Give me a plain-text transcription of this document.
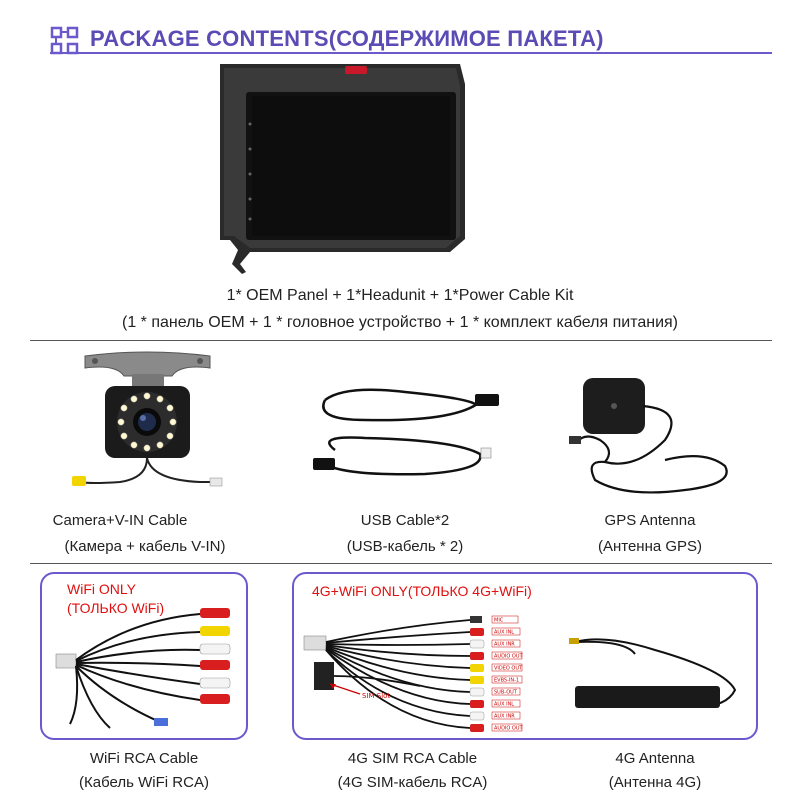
PACKAGE CONTENTS(СОДЕРЖИМОЕ ПАКЕТА)
1* OEM Panel + 1*Headunit + 1*Power Cable Kit
(1 * панель OEM + 1 * головное устройство + 1 * комплект кабеля питания)
Camera+V-IN Cable
(Камера + кабель V-IN)
USB Cable*2
(USB-кабель * 2)
GPS Antenna
(Антенна GPS)
WiFi ONLY
(ТОЛЬКО WiFi)
WiFi RCA Cable
(Кабель WiFi RCA)
4G+WiFi ONLY(ТОЛЬКО 4G+WiFi)
MIC
AUX INL
AUX INR
AUDIO OUT
VIDEO OUT
EVBS-IN-1
SUB-OUT
AUX INL
AUX INR
AUDIO OUT
SIM Slot
4G SIM RCA Cable
(4G SIM-кабель RCA)
4G Antenna
(Антенна 4G)
